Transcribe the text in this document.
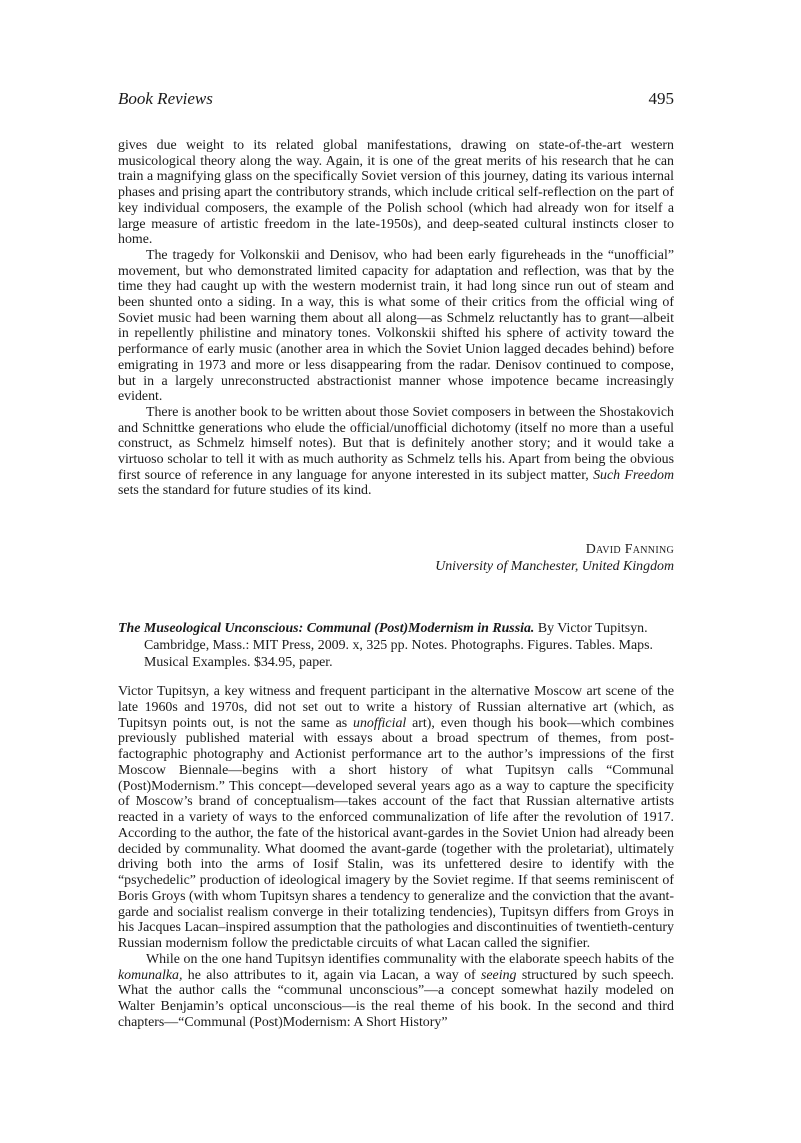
Book Reviews	495

gives due weight to its related global manifestations, drawing on state-of-the-art western musicological theory along the way. Again, it is one of the great merits of his research that he can train a magnifying glass on the specifically Soviet version of this journey, dating its various internal phases and prising apart the contributory strands, which include critical self-reflection on the part of key individual composers, the example of the Polish school (which had already won for itself a large measure of artistic freedom in the late-1950s), and deep-seated cultural instincts closer to home.

The tragedy for Volkonskii and Denisov, who had been early figureheads in the “unofficial” movement, but who demonstrated limited capacity for adaptation and reflection, was that by the time they had caught up with the western modernist train, it had long since run out of steam and been shunted onto a siding. In a way, this is what some of their critics from the official wing of Soviet music had been warning them about all along—as Schmelz reluctantly has to grant—albeit in repellently philistine and minatory tones. Volkonskii shifted his sphere of activity toward the performance of early music (another area in which the Soviet Union lagged decades behind) before emigrating in 1973 and more or less disappearing from the radar. Denisov continued to compose, but in a largely unreconstructed abstractionist manner whose impotence became increasingly evident.

There is another book to be written about those Soviet composers in between the Shostakovich and Schnittke generations who elude the official/unofficial dichotomy (itself no more than a useful construct, as Schmelz himself notes). But that is definitely another story; and it would take a virtuoso scholar to tell it with as much authority as Schmelz tells his. Apart from being the obvious first source of reference in any language for anyone interested in its subject matter, Such Freedom sets the standard for future studies of its kind.

David Fanning
University of Manchester, United Kingdom
The Museological Unconscious: Communal (Post)Modernism in Russia. By Victor Tupitsyn. Cambridge, Mass.: MIT Press, 2009. x, 325 pp. Notes. Photographs. Figures. Tables. Maps. Musical Examples. $34.95, paper.

Victor Tupitsyn, a key witness and frequent participant in the alternative Moscow art scene of the late 1960s and 1970s, did not set out to write a history of Russian alternative art (which, as Tupitsyn points out, is not the same as unofficial art), even though his book—which combines previously published material with essays about a broad spectrum of themes, from post-factographic photography and Actionist performance art to the author’s impressions of the first Moscow Biennale—begins with a short history of what Tupitsyn calls “Communal (Post)Modernism.” This concept—developed several years ago as a way to capture the specificity of Moscow’s brand of conceptualism—takes account of the fact that Russian alternative artists reacted in a variety of ways to the enforced communalization of life after the revolution of 1917. According to the author, the fate of the historical avant-gardes in the Soviet Union had already been decided by communality. What doomed the avant-garde (together with the proletariat), ultimately driving both into the arms of Iosif Stalin, was its unfettered desire to identify with the “psychedelic” production of ideological imagery by the Soviet regime. If that seems reminiscent of Boris Groys (with whom Tupitsyn shares a tendency to generalize and the conviction that the avant-garde and socialist realism converge in their totalizing tendencies), Tupitsyn differs from Groys in his Jacques Lacan–inspired assumption that the pathologies and discontinuities of twentieth-century Russian modernism follow the predictable circuits of what Lacan called the signifier.

While on the one hand Tupitsyn identifies communality with the elaborate speech habits of the komunalka, he also attributes to it, again via Lacan, a way of seeing structured by such speech. What the author calls the “communal unconscious”—a concept somewhat hazily modeled on Walter Benjamin’s optical unconscious—is the real theme of his book. In the second and third chapters—“Communal (Post)Modernism: A Short History”
